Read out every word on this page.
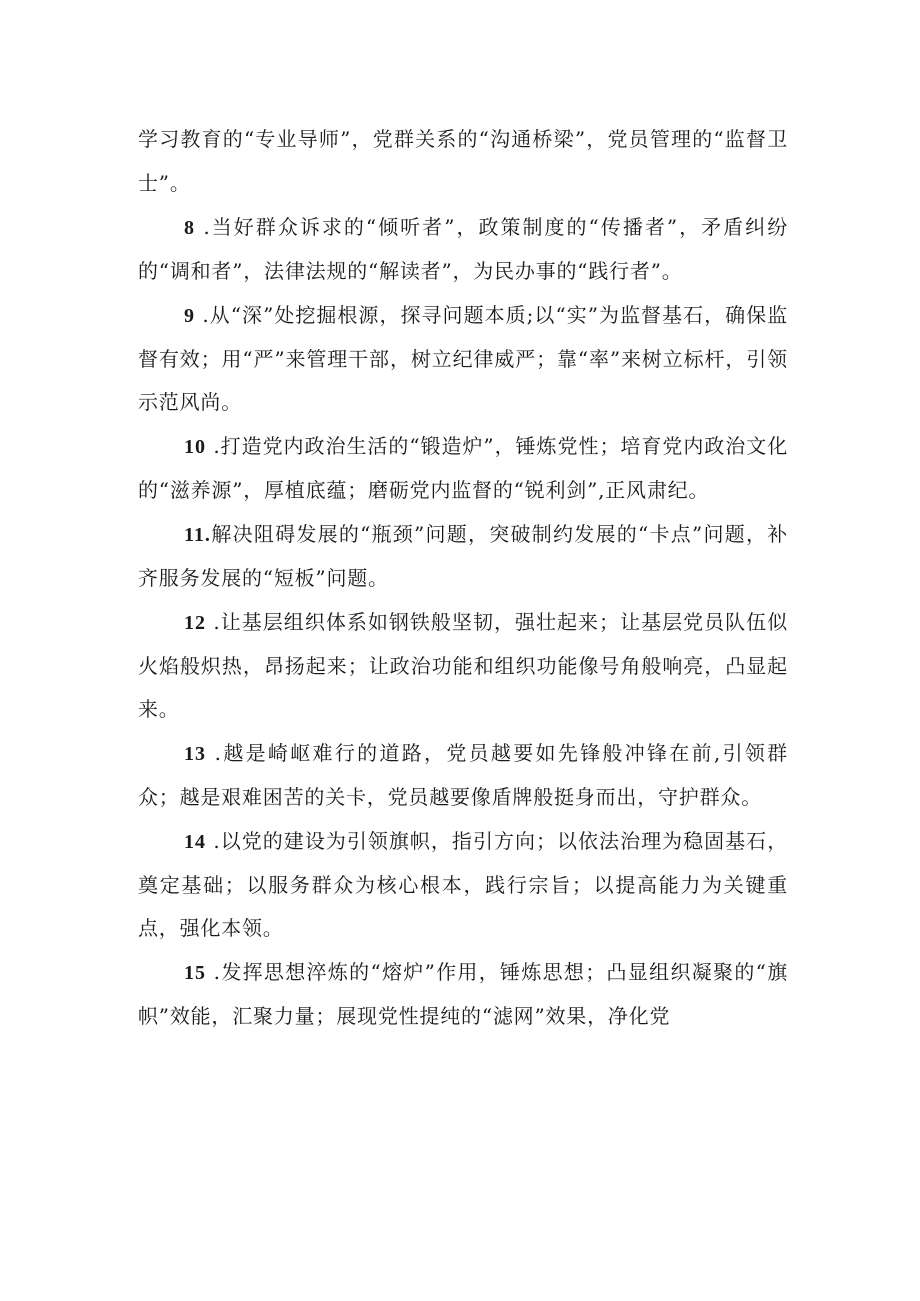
学习教育的“专业导师”，党群关系的“沟通桥梁”，党员管理的“监督卫士”。

8 .当好群众诉求的“倾听者”，政策制度的“传播者”，矛盾纠纷的“调和者”，法律法规的“解读者”，为民办事的“践行者”。

9 .从“深”处挖掘根源，探寻问题本质;以“实”为监督基石，确保监督有效；用“严”来管理干部，树立纪律威严；靠“率”来树立标杆，引领示范风尚。

10 .打造党内政治生活的“锻造炉”，锤炼党性；培育党内政治文化的“滋养源”，厚植底蕴；磨砺党内监督的“锐利剑”,正风肃纪。

11.解决阻碍发展的“瓶颈”问题，突破制约发展的“卡点”问题，补齐服务发展的“短板”问题。

12 .让基层组织体系如钢铁般坚韧，强壮起来；让基层党员队伍似火焰般炽热，昂扬起来；让政治功能和组织功能像号角般响亮，凸显起来。

13 .越是崎岖难行的道路，党员越要如先锋般冲锋在前,引领群众；越是艰难困苦的关卡，党员越要像盾牌般挺身而出，守护群众。

14 .以党的建设为引领旗帜，指引方向；以依法治理为稳固基石，奠定基础；以服务群众为核心根本，践行宗旨；以提高能力为关键重点，强化本领。

15 .发挥思想淬炼的“熔炉”作用，锤炼思想；凸显组织凝聚的“旗帜”效能，汇聚力量；展现党性提纯的“滤网”效果，净化党
